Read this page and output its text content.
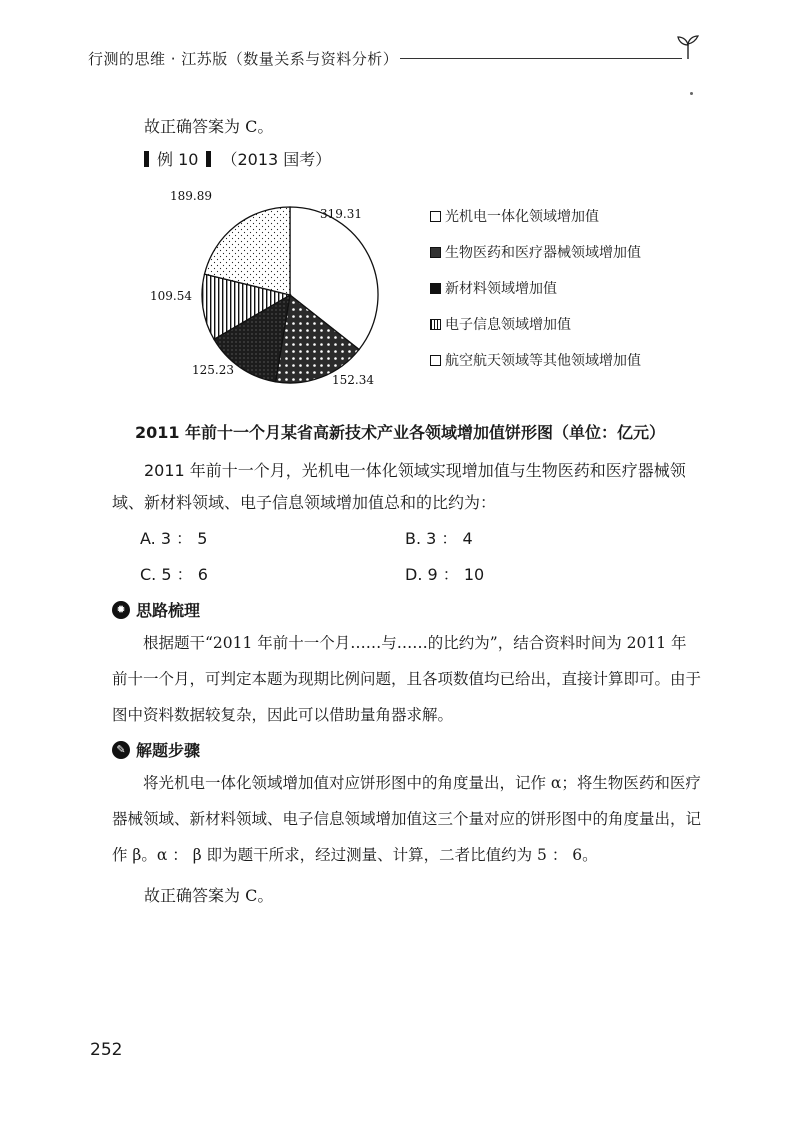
行测的思维 · 江苏版（数量关系与资料分析）
故正确答案为 C。
例 10 （2013 国考）
319.31
152.34
125.23
109.54
189.89
光机电一体化领域增加值
生物医药和医疗器械领域增加值
新材料领域增加值
电子信息领域增加值
航空航天领域等其他领域增加值
2011 年前十一个月某省高新技术产业各领域增加值饼形图（单位：亿元）
2011 年前十一个月，光机电一体化领域实现增加值与生物医药和医疗器械领域、新材料领域、电子信息领域增加值总和的比约为：
A. 3 ： 5	B. 3 ： 4
C. 5 ： 6	D. 9 ： 10
✹ 思路梳理
根据题干“2011 年前十一个月……与……的比约为”，结合资料时间为 2011 年前十一个月，可判定本题为现期比例问题，且各项数值均已给出，直接计算即可。由于图中资料数据较复杂，因此可以借助量角器求解。
✎ 解题步骤
将光机电一体化领域增加值对应饼形图中的角度量出，记作 α；将生物医药和医疗器械领域、新材料领域、电子信息领域增加值这三个量对应的饼形图中的角度量出，记作 β。α ： β 即为题干所求，经过测量、计算，二者比值约为 5 ： 6。
故正确答案为 C。
252
